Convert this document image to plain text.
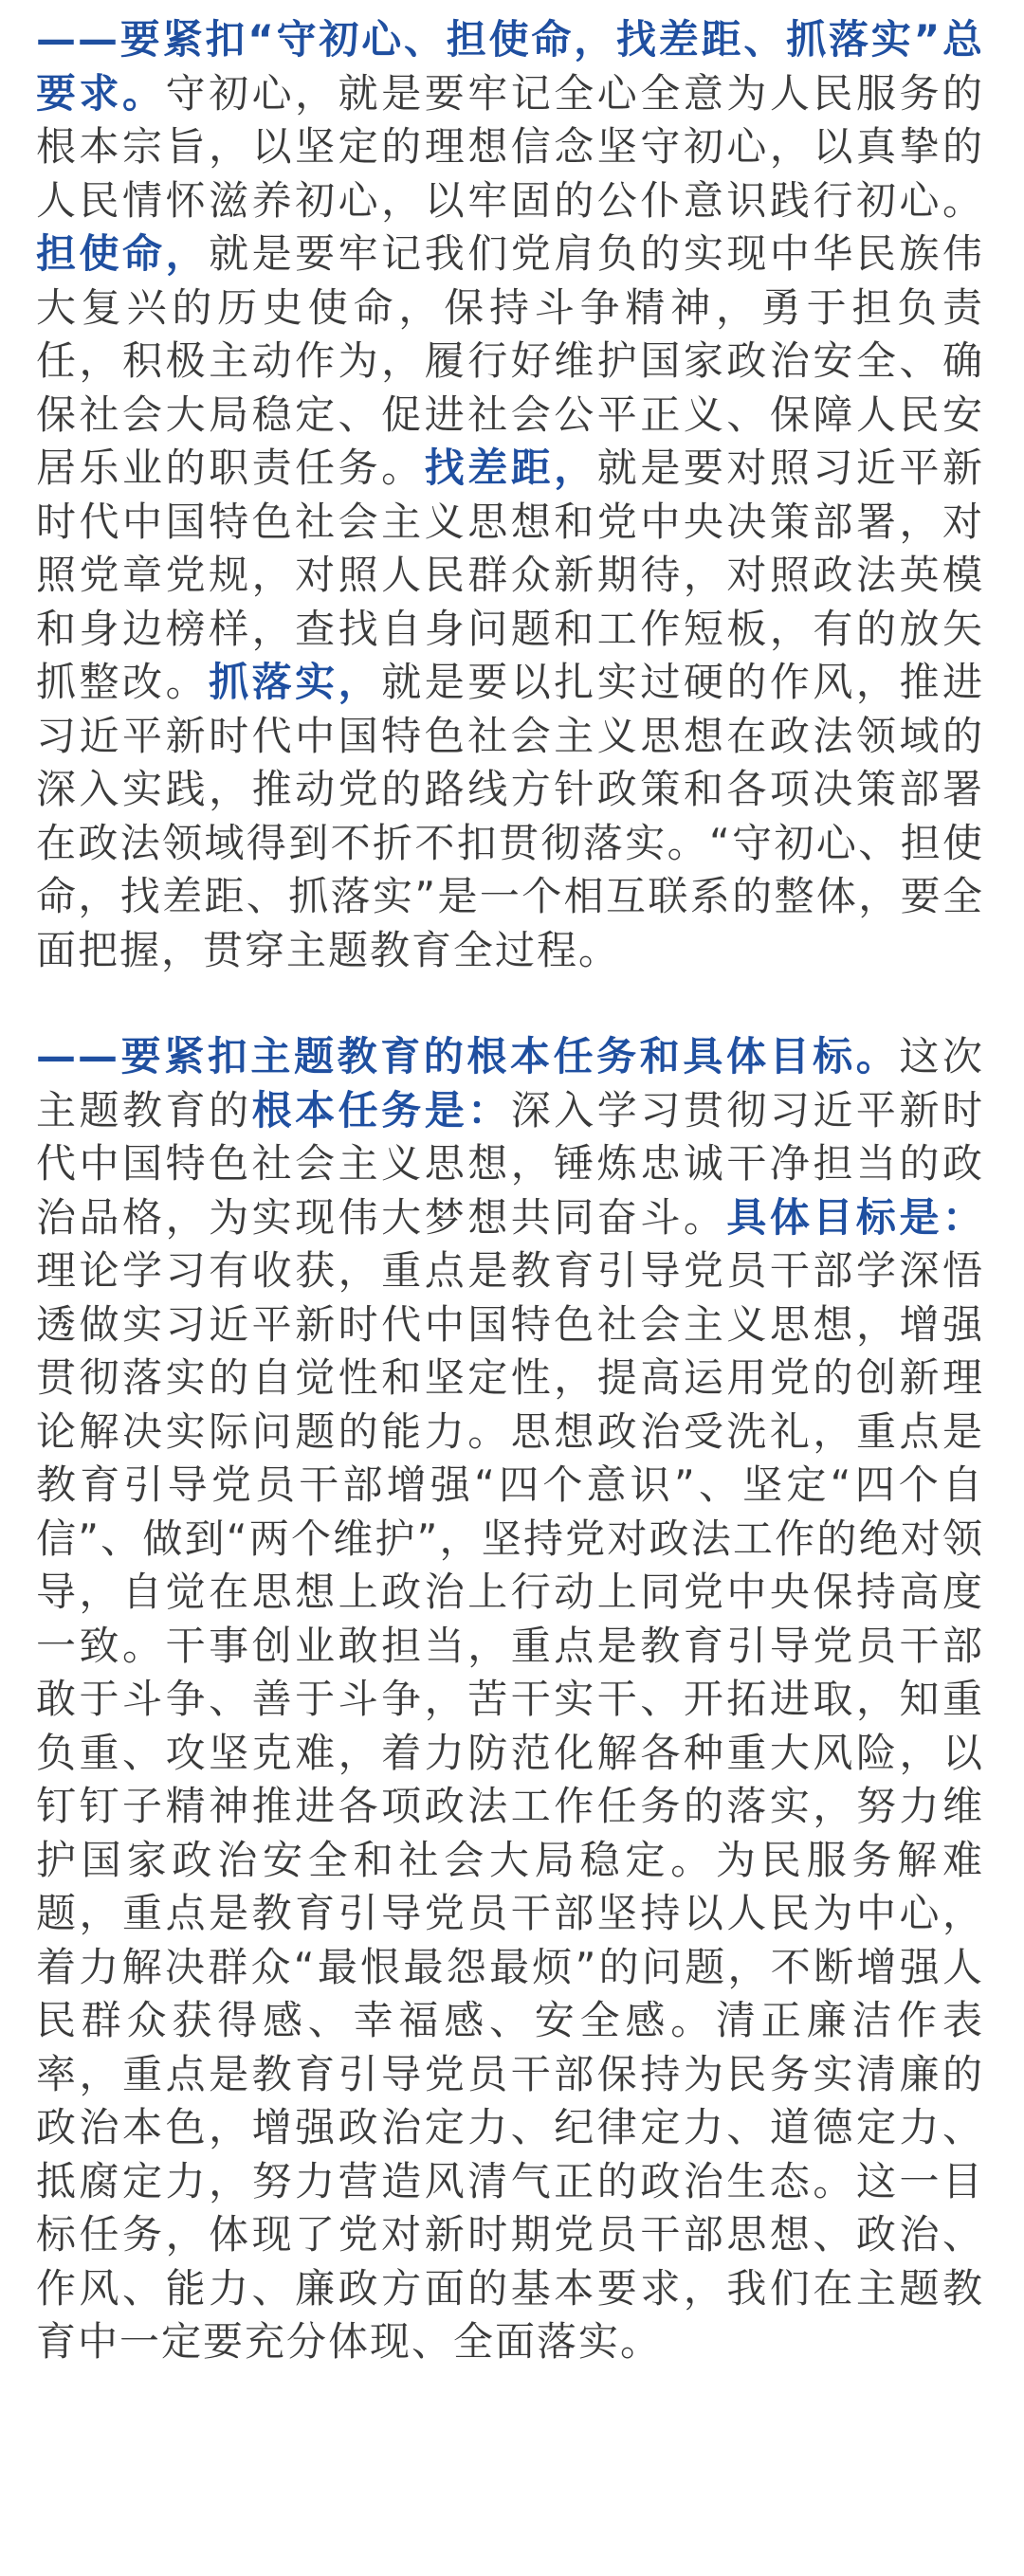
——要紧扣“守初心、担使命，找差距、抓落实”总要求。守初心，就是要牢记全心全意为人民服务的根本宗旨，以坚定的理想信念坚守初心，以真挚的人民情怀滋养初心，以牢固的公仆意识践行初心。担使命，就是要牢记我们党肩负的实现中华民族伟大复兴的历史使命，保持斗争精神，勇于担负责任，积极主动作为，履行好维护国家政治安全、确保社会大局稳定、促进社会公平正义、保障人民安居乐业的职责任务。找差距，就是要对照习近平新时代中国特色社会主义思想和党中央决策部署，对照党章党规，对照人民群众新期待，对照政法英模和身边榜样，查找自身问题和工作短板，有的放矢抓整改。抓落实，就是要以扎实过硬的作风，推进习近平新时代中国特色社会主义思想在政法领域的深入实践，推动党的路线方针政策和各项决策部署在政法领域得到不折不扣贯彻落实。“守初心、担使命，找差距、抓落实”是一个相互联系的整体，要全面把握，贯穿主题教育全过程。

——要紧扣主题教育的根本任务和具体目标。这次主题教育的根本任务是：深入学习贯彻习近平新时代中国特色社会主义思想，锤炼忠诚干净担当的政治品格，为实现伟大梦想共同奋斗。具体目标是：理论学习有收获，重点是教育引导党员干部学深悟透做实习近平新时代中国特色社会主义思想，增强贯彻落实的自觉性和坚定性，提高运用党的创新理论解决实际问题的能力。思想政治受洗礼，重点是教育引导党员干部增强“四个意识”、坚定“四个自信”、做到“两个维护”，坚持党对政法工作的绝对领导，自觉在思想上政治上行动上同党中央保持高度一致。干事创业敢担当，重点是教育引导党员干部敢于斗争、善于斗争，苦干实干、开拓进取，知重负重、攻坚克难，着力防范化解各种重大风险，以钉钉子精神推进各项政法工作任务的落实，努力维护国家政治安全和社会大局稳定。为民服务解难题，重点是教育引导党员干部坚持以人民为中心，着力解决群众“最恨最怨最烦”的问题，不断增强人民群众获得感、幸福感、安全感。清正廉洁作表率，重点是教育引导党员干部保持为民务实清廉的政治本色，增强政治定力、纪律定力、道德定力、抵腐定力，努力营造风清气正的政治生态。这一目标任务，体现了党对新时期党员干部思想、政治、作风、能力、廉政方面的基本要求，我们在主题教育中一定要充分体现、全面落实。
